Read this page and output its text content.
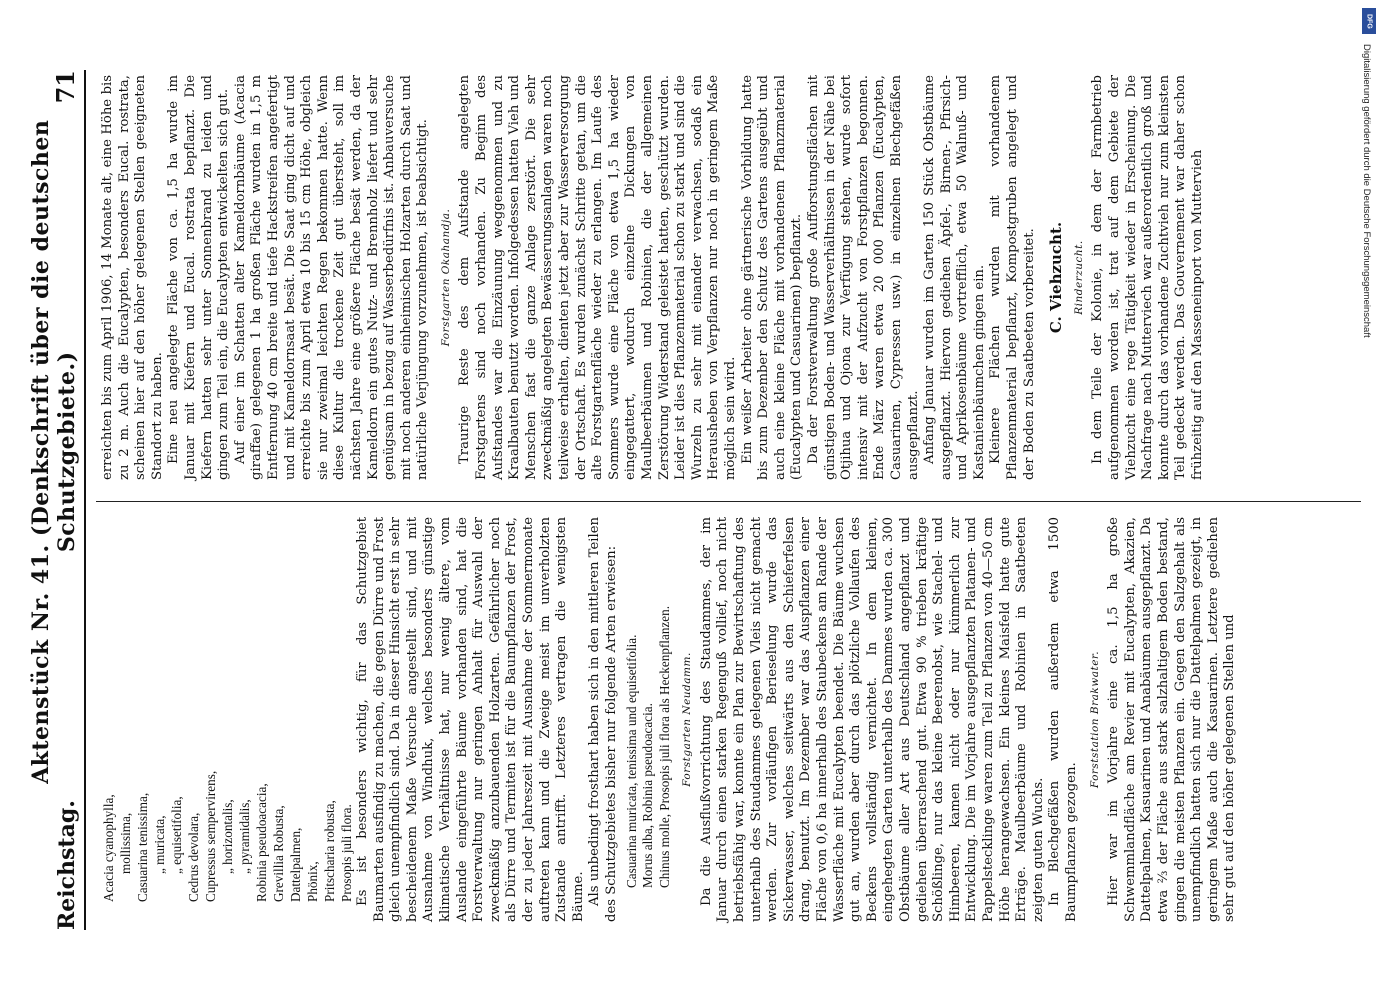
Reichstag.
Aktenstück Nr. 41. (Denkschrift über die deutschen Schutzgebiete.)
71
Acacia cyanophylla, mollissima, Casuarina tenissima, „ muricata, „ equisetifolia, Cedrus devolara, Cupressus sempervirens, „ horizontalis, „ pyramidalis, Robinia pseudoacacia, Grevillia Robusta, Dattelpalmen, Phönix, Pritscharia robusta, Prosopis juli flora. Es ist besonders wichtig, für das Schutzgebiet Baumarten ausfindig zu machen, die gegen Dürre und Frost gleich unempfindlich sind. Da in dieser Hinsicht erst in sehr bescheidenem Maße Versuche angestellt sind, und mit Ausnahme von Windhuk, welches besonders günstige klimatische Verhältnisse hat, nur wenig ältere, vom Auslande eingeführte Bäume vorhanden sind, hat die Forstverwaltung nur geringen Anhalt für Auswahl der zweckmäßig anzubauenden Holzarten. Gefährlicher noch als Dürre und Termiten ist für die Baumpflanzen der Frost, der zu jeder Jahreszeit mit Ausnahme der Sommermonate auftreten kann und die Zweige meist im unverholzten Zustande antrifft. Letzteres vertragen die wenigsten Bäume. Als unbedingt frosthart haben sich in den mittleren Teilen des Schutzgebietes bisher nur folgende Arten erwiesen: Casuarina muricata, tenissima und equisetifolia. Morus alba, Robinia pseudoacacia. Chinus molle, Prosopis juli flora als Heckenpflanzen. Forstgarten Neudamm. Da die Ausflußvorrichtung des Staudammes, der im Januar durch einen starken Regenguß vollief, noch nicht betriebsfähig war, konnte ein Plan zur Bewirtschaftung des unterhalb des Staudammes gelegenen Vleis nicht gemacht werden. Zur vorläufigen Berieselung wurde das Sickerwasser, welches seitwärts aus den Schieferfelsen drang, benutzt. Im Dezember war das Auspflanzen einer Fläche von 0,6 ha innerhalb des Staubeckens am Rande der Wasserfläche mit Eucalypten beendet. Die Bäume wuchsen gut an, wurden aber durch das plötzliche Vollaufen des Beckens vollständig vernichtet. In dem kleinen, eingehegten Garten unterhalb des Dammes wurden ca. 300 Obstbäume aller Art aus Deutschland angepflanzt und gediehen überraschend gut. Etwa 90 % trieben kräftige Schößlinge, nur das kleine Beerenobst, wie Stachel- und Himbeeren, kamen nicht oder nur kümmerlich zur Entwicklung. Die im Vorjahre ausgepflanzten Platanen- und Pappelstecklinge waren zum Teil zu Pflanzen von 40—50 cm Höhe herangewachsen. Ein kleines Maisfeld hatte gute Erträge. Maulbeerbäume und Robinien in Saatbeeten zeigten guten Wuchs. In Blechgefäßen wurden außerdem etwa 1500 Baumpflanzen gezogen.

Forststation Brakwater. Hier war im Vorjahre eine ca. 1,5 ha große Schwemmlandfläche am Revier mit Eucalypten, Akazien, Dattelpalmen, Kasuarinen und Anabäumen ausgepflanzt. Da etwa ⅔ der Fläche aus stark salzhaltigem Boden bestand, gingen die meisten Pflanzen ein. Gegen den Salzgehalt als unempfindlich hatten sich nur die Dattelpalmen gezeigt, in geringem Maße auch die Kasuarinen. Letztere gediehen sehr gut auf den höher gelegenen Stellen und

erreichten bis zum April 1906, 14 Monate alt, eine Höhe bis zu 2 m. Auch die Eucalypten, besonders Eucal. rostrata, scheinen hier auf den höher gelegenen Stellen geeigneten Standort zu haben. Eine neu angelegte Fläche von ca. 1,5 ha wurde im Januar mit Kiefern und Eucal. rostrata bepflanzt. Die Kiefern hatten sehr unter Sonnenbrand zu leiden und gingen zum Teil ein, die Eucalypten entwickelten sich gut. Auf einer im Schatten alter Kameldornbäume (Acacia giraffae) gelegenen 1 ha großen Fläche wurden in 1,5 m Entfernung 40 cm breite und tiefe Hackstreifen angefertigt und mit Kameldornsaat besät. Die Saat ging dicht auf und erreichte bis zum April etwa 10 bis 15 cm Höhe, obgleich sie nur zweimal leichten Regen bekommen hatte. Wenn diese Kultur die trockene Zeit gut übersteht, soll im nächsten Jahre eine größere Fläche besät werden, da der Kameldorn ein gutes Nutz- und Brennholz liefert und sehr genügsam in bezug auf Wasserbedürfnis ist. Anbauversuche mit noch anderen einheimischen Holzarten durch Saat und natürliche Verjüngung vorzunehmen, ist beabsichtigt. Forstgarten Okahandja. Traurige Reste des dem Aufstande angelegten Forstgartens sind noch vorhanden. Zu Beginn des Aufstandes war die Einzäunung weggenommen und zu Kraalbauten benutzt worden. Infolgedessen hatten Vieh und Menschen fast die ganze Anlage zerstört. Die sehr zweckmäßig angelegten Bewässerungsanlagen waren noch teilweise erhalten, dienten jetzt aber zur Wasserversorgung der Ortschaft. Es wurden zunächst Schritte getan, um die alte Forstgartenfläche wieder zu erlangen. Im Laufe des Sommers wurde eine Fläche von etwa 1,5 ha wieder eingegattert, wodurch einzelne Dickungen von Maulbeerbäumen und Robinien, die der allgemeinen Zerstörung Widerstand geleistet hatten, geschützt wurden. Leider ist dies Pflanzenmaterial schon zu stark und sind die Wurzeln zu sehr mit einander verwachsen, sodaß ein Herausheben von Verpflanzen nur noch in geringem Maße möglich sein wird. Ein weißer Arbeiter ohne gärtnerische Vorbildung hatte bis zum Dezember den Schutz des Gartens ausgeübt und auch eine kleine Fläche mit vorhandenem Pflanzmaterial (Eucalypten und Casuarinen) bepflanzt. Da der Forstverwaltung große Aufforstungsflächen mit günstigen Boden- und Wasserverhältnissen in der Nähe bei Otjihua und Ojona zur Verfügung stehen, wurde sofort intensiv mit der Aufzucht von Forstpflanzen begonnen. Ende März waren etwa 20 000 Pflanzen (Eucalypten, Casuarinen, Cypressen usw.) in einzelnen Blechgefäßen ausgepflanzt. Anfang Januar wurden im Garten 150 Stück Obstbäume ausgepflanzt. Hiervon gediehen Äpfel-, Birnen-, Pfirsich- und Aprikosenbäume vortrefflich, etwa 50 Walnuß- und Kastanienbäumchen gingen ein. Kleinere Flächen wurden mit vorhandenem Pflanzenmaterial bepflanzt, Kompostgruben angelegt und der Boden zu Saatbeeten vorbereitet. C. Viehzucht. Rinderzucht. In dem Teile der Kolonie, in dem der Farmbetrieb aufgenommen worden ist, trat auf dem Gebiete der Viehzucht eine rege Tätigkeit wieder in Erscheinung. Die Nachfrage nach Mutterviech war außerordentlich groß und konnte durch das vorhandene Zuchtvieh nur zum kleinsten Teil gedeckt werden. Das Gouvernement war daher schon frühzeitig auf den Masseneinport von Muttervieh

DFG
Digitalisierung gefördert durch die Deutsche Forschungsgemeinschaft
